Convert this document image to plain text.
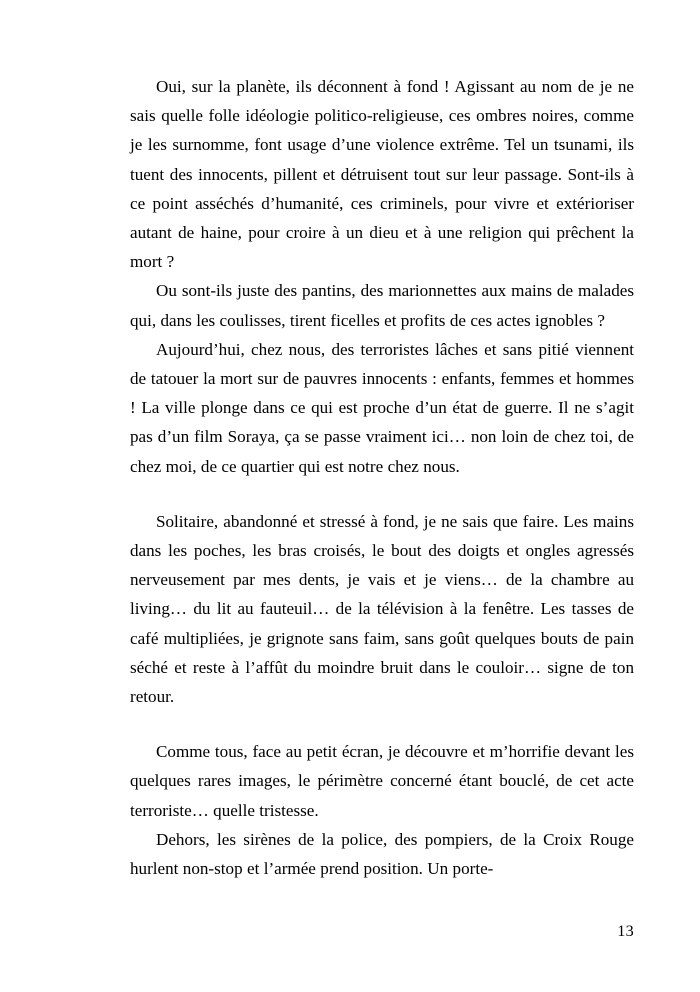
Oui, sur la planète, ils déconnent à fond ! Agissant au nom de je ne sais quelle folle idéologie politico-religieuse, ces ombres noires, comme je les surnomme, font usage d’une violence extrême. Tel un tsunami, ils tuent des innocents, pillent et détruisent tout sur leur passage. Sont-ils à ce point asséchés d’humanité, ces criminels, pour vivre et extérioriser autant de haine, pour croire à un dieu et à une religion qui prêchent la mort ?

Ou sont-ils juste des pantins, des marionnettes aux mains de malades qui, dans les coulisses, tirent ficelles et profits de ces actes ignobles ?

Aujourd’hui, chez nous, des terroristes lâches et sans pitié viennent de tatouer la mort sur de pauvres innocents : enfants, femmes et hommes ! La ville plonge dans ce qui est proche d’un état de guerre. Il ne s’agit pas d’un film Soraya, ça se passe vraiment ici… non loin de chez toi, de chez moi, de ce quartier qui est notre chez nous.

Solitaire, abandonné et stressé à fond, je ne sais que faire. Les mains dans les poches, les bras croisés, le bout des doigts et ongles agressés nerveusement par mes dents, je vais et je viens… de la chambre au living… du lit au fauteuil… de la télévision à la fenêtre. Les tasses de café multipliées, je grignote sans faim, sans goût quelques bouts de pain séché et reste à l’affût du moindre bruit dans le couloir… signe de ton retour.

Comme tous, face au petit écran, je découvre et m’horrifie devant les quelques rares images, le périmètre concerné étant bouclé, de cet acte terroriste… quelle tristesse.

Dehors, les sirènes de la police, des pompiers, de la Croix Rouge hurlent non-stop et l’armée prend position. Un porte-

13
